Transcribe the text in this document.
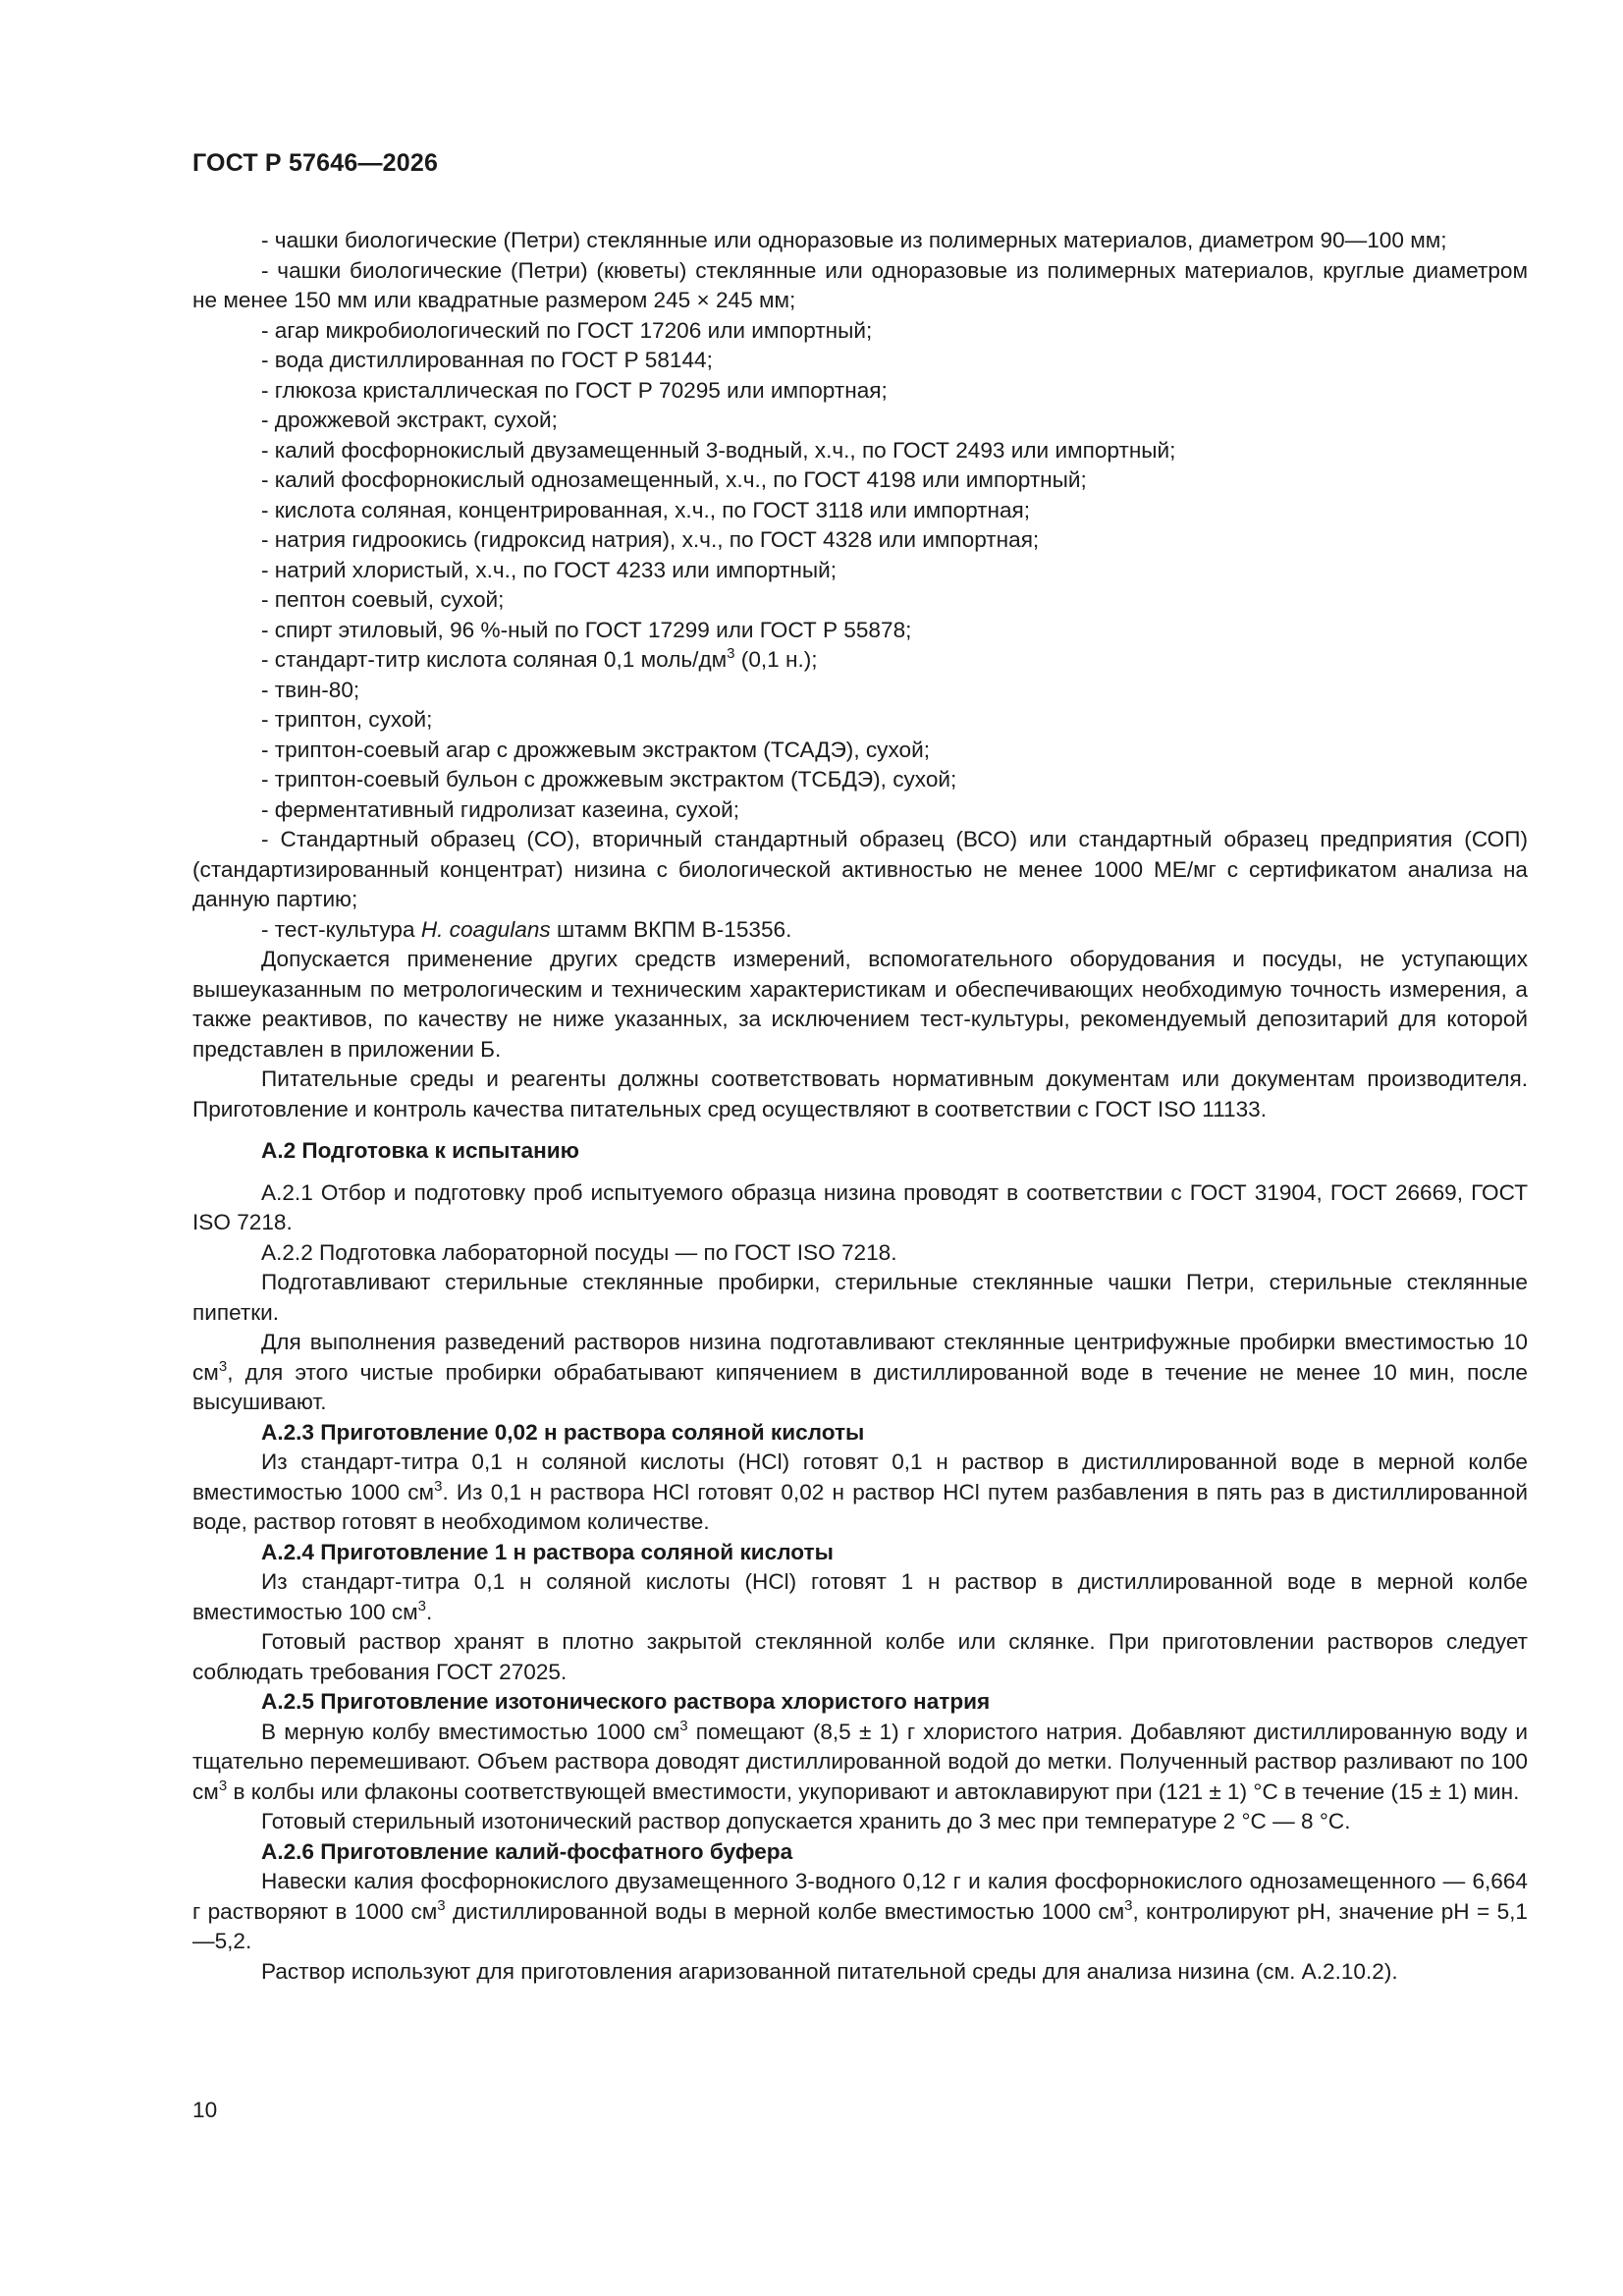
ГОСТ Р 57646—2026

- чашки биологические (Петри) стеклянные или одноразовые из полимерных материалов, диаметром 90—100 мм;

- чашки биологические (Петри) (кюветы) стеклянные или одноразовые из полимерных материалов, круглые диаметром не менее 150 мм или квадратные размером 245 × 245 мм;

- агар микробиологический по ГОСТ 17206 или импортный;

- вода дистиллированная по ГОСТ Р 58144;

- глюкоза кристаллическая по ГОСТ Р 70295 или импортная;

- дрожжевой экстракт, сухой;

- калий фосфорнокислый двузамещенный 3-водный, х.ч., по ГОСТ 2493 или импортный;

- калий фосфорнокислый однозамещенный, х.ч., по ГОСТ 4198 или импортный;

- кислота соляная, концентрированная, х.ч., по ГОСТ 3118 или импортная;

- натрия гидроокись (гидроксид натрия), х.ч., по ГОСТ 4328 или импортная;

- натрий хлористый, х.ч., по ГОСТ 4233 или импортный;

- пептон соевый, сухой;

- спирт этиловый, 96 %-ный по ГОСТ 17299 или ГОСТ Р 55878;

- стандарт-титр кислота соляная 0,1 моль/$дм^3$ (0,1 н.);

- твин-80;

- триптон, сухой;

- триптон-соевый агар с дрожжевым экстрактом (ТСАДЭ), сухой;

- триптон-соевый бульон с дрожжевым экстрактом (ТСБДЭ), сухой;

- ферментативный гидролизат казеина, сухой;

- Стандартный образец (СО), вторичный стандартный образец (ВСО) или стандартный образец предприятия (СОП) (стандартизированный концентрат) низина с биологической активностью не менее 1000 МЕ/мг с сертификатом анализа на данную партию;

- тест-культура H. coagulans штамм ВКПМ В-15356.

Допускается применение других средств измерений, вспомогательного оборудования и посуды, не уступающих вышеуказанным по метрологическим и техническим характеристикам и обеспечивающих необходимую точность измерения, а также реактивов, по качеству не ниже указанных, за исключением тест-культуры, рекомендуемый депозитарий для которой представлен в приложении Б.

Питательные среды и реагенты должны соответствовать нормативным документам или документам производителя. Приготовление и контроль качества питательных сред осуществляют в соответствии с ГОСТ ISO 11133.

А.2 Подготовка к испытанию

А.2.1 Отбор и подготовку проб испытуемого образца низина проводят в соответствии с ГОСТ 31904, ГОСТ 26669, ГОСТ ISO 7218.

А.2.2 Подготовка лабораторной посуды — по ГОСТ ISO 7218.

Подготавливают стерильные стеклянные пробирки, стерильные стеклянные чашки Петри, стерильные стеклянные пипетки.

Для выполнения разведений растворов низина подготавливают стеклянные центрифужные пробирки вместимостью 10 $см^3$, для этого чистые пробирки обрабатывают кипячением в дистиллированной воде в течение не менее 10 мин, после высушивают.

А.2.3 Приготовление 0,02 н раствора соляной кислоты

Из стандарт-титра 0,1 н соляной кислоты (HCl) готовят 0,1 н раствор в дистиллированной воде в мерной колбе вместимостью 1000 $см^3$. Из 0,1 н раствора HCl готовят 0,02 н раствор HCl путем разбавления в пять раз в дистиллированной воде, раствор готовят в необходимом количестве.

А.2.4 Приготовление 1 н раствора соляной кислоты

Из стандарт-титра 0,1 н соляной кислоты (HCl) готовят 1 н раствор в дистиллированной воде в мерной колбе вместимостью 100 $см^3$.

Готовый раствор хранят в плотно закрытой стеклянной колбе или склянке. При приготовлении растворов следует соблюдать требования ГОСТ 27025.

А.2.5 Приготовление изотонического раствора хлористого натрия

В мерную колбу вместимостью 1000 $см^3$ помещают (8,5 ± 1) г хлористого натрия. Добавляют дистиллированную воду и тщательно перемешивают. Объем раствора доводят дистиллированной водой до метки. Полученный раствор разливают по 100 $см^3$ в колбы или флаконы соответствующей вместимости, укупоривают и автоклавируют при (121 ± 1) °С в течение (15 ± 1) мин.

Готовый стерильный изотонический раствор допускается хранить до 3 мес при температуре 2 °С — 8 °С.

А.2.6 Приготовление калий-фосфатного буфера

Навески калия фосфорнокислого двузамещенного 3-водного 0,12 г и калия фосфорнокислого однозамещенного — 6,664 г растворяют в 1000 $см^3$ дистиллированной воды в мерной колбе вместимостью 1000 $см^3$, контролируют pH, значение pH = 5,1—5,2.

Раствор используют для приготовления агаризованной питательной среды для анализа низина (см. А.2.10.2).

10
